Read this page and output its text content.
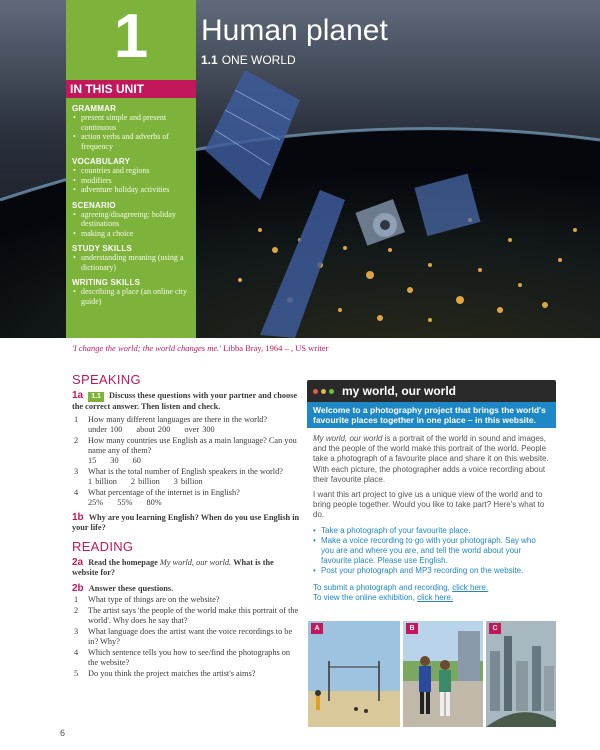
IN THIS UNIT
GRAMMAR
• present simple and present continuous
• action verbs and adverbs of frequency
VOCABULARY
• countries and regions
• modifiers
• adventure holiday activities
SCENARIO
• agreeing/disagreeing: holiday destinations
• making a choice
STUDY SKILLS
• understanding meaning (using a dictionary)
WRITING SKILLS
• describing a place (an online city guide)
1	Human planet
1.1 ONE WORLD
'I change the world; the world changes me.' Libba Bray, 1964 – , US writer
SPEAKING
1a 1.1 Discuss these questions with your partner and choose the correct answer. Then listen and check.
1 How many different languages are there in the world?
under 100 about 200 over 300
2 How many countries use English as a main language? Can you name any of them?
15 30 60
3 What is the total number of English speakers in the world?
1 billion 2 billion 3 billion
4 What percentage of the internet is in English?
25% 55% 80%
1b Why are you learning English? When do you use English in your life?
READING
2a Read the homepage My world, our world. What is the website for?
2b Answer these questions.
1 What type of things are on the website?
2 The artist says 'the people of the world make this portrait of the world'. Why does he say that?
3 What language does the artist want the voice recordings to be in? Why?
4 Which sentence tells you how to see/find the photographs on the website?
5 Do you think the project matches the artist's aims?
my world, our world
Welcome to a photography project that brings the world's favourite places together in one place – in this website.

My world, our world is a portrait of the world in sound and images, and the people of the world make this portrait of the world. People take a photograph of a favourite place and share it on this website. With each picture, the photographer adds a voice recording about their favourite place.

I want this art project to give us a unique view of the world and to bring people together. Would you like to take part? Here's what to do.

• Take a photograph of your favourite place.
• Make a voice recording to go with your photograph. Say who you are and where you are, and tell the world about your favourite place. Please use English.
• Post your photograph and MP3 recording on the website.
To submit a photograph and recording, click here.
To view the online exhibition, click here.
A	B	C
6
